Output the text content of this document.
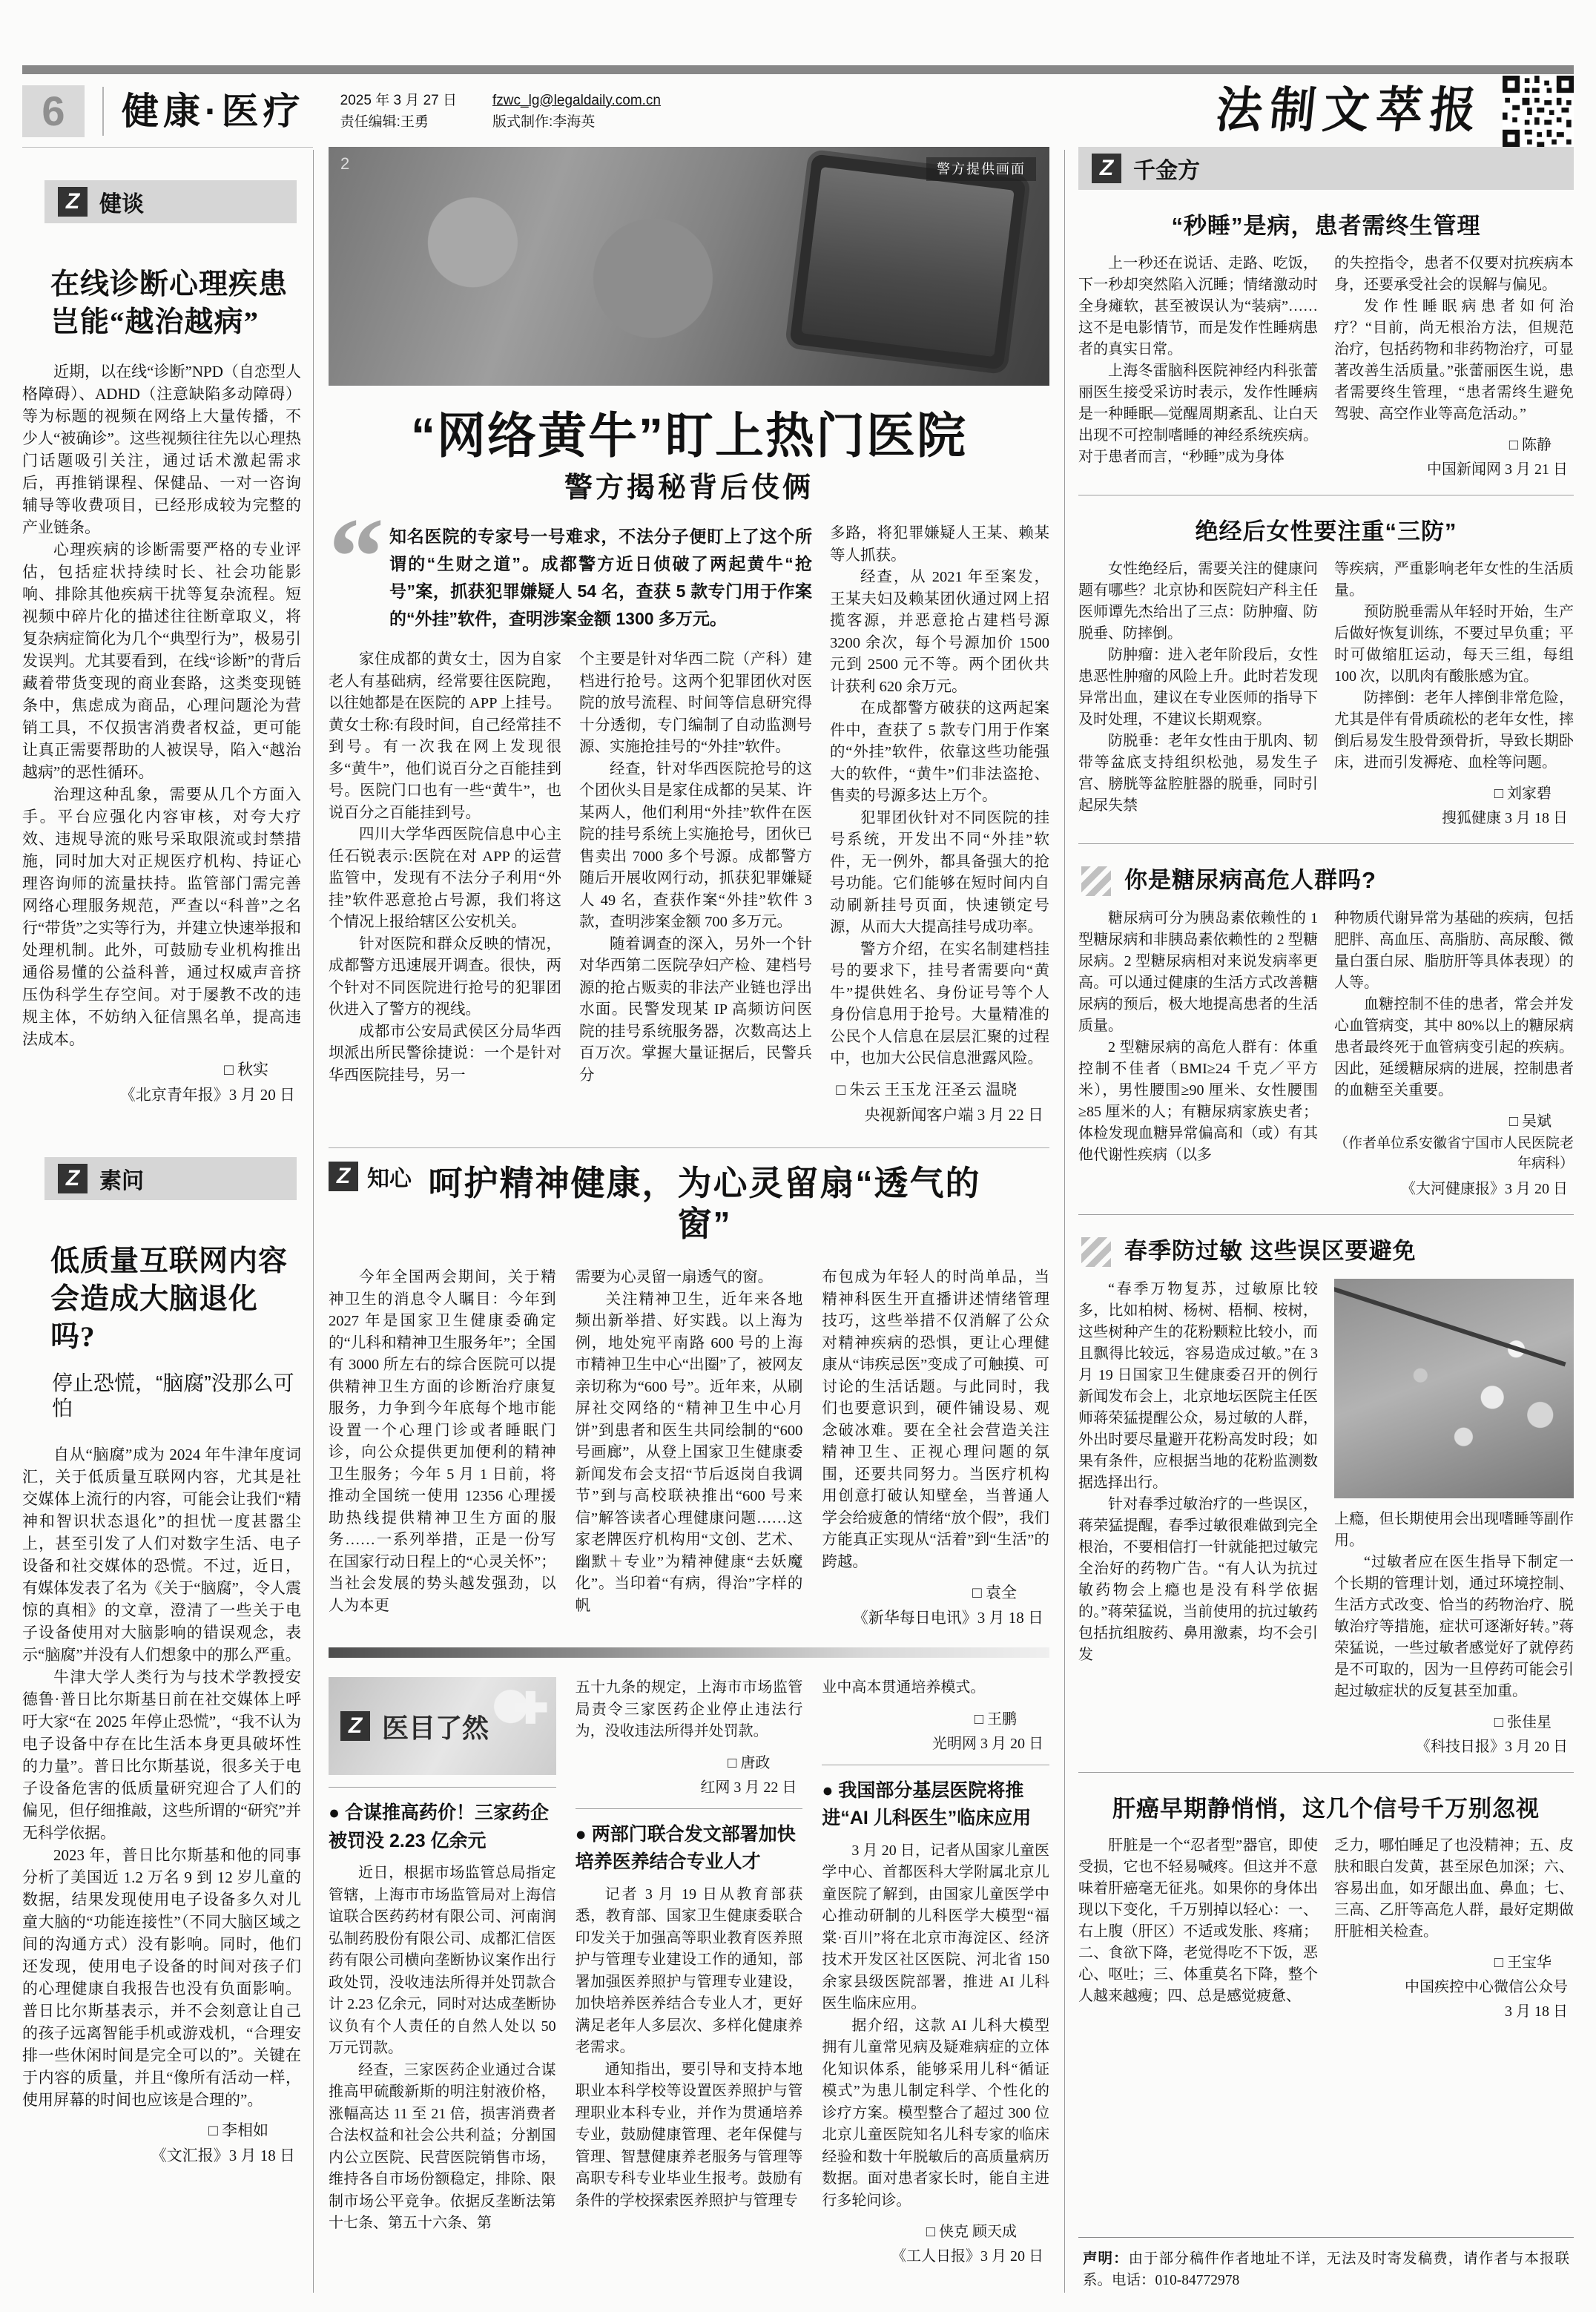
6	健康·医疗	2025 年 3 月 27 日
责任编辑:王勇
fzwc_lg@legaldaily.com.cn
版式制作:李海英	法制文萃报
Z 健谈
在线诊断心理疾患
岂能“越治越病”

近期，以在线“诊断”NPD（自恋型人格障碍）、ADHD（注意缺陷多动障碍）等为标题的视频在网络上大量传播，不少人“被确诊”。这些视频往往先以心理热门话题吸引关注，通过话术激起需求后，再推销课程、保健品、一对一咨询辅导等收费项目，已经形成较为完整的产业链条。

心理疾病的诊断需要严格的专业评估，包括症状持续时长、社会功能影响、排除其他疾病干扰等复杂流程。短视频中碎片化的描述往往断章取义，将复杂病症简化为几个“典型行为”，极易引发误判。尤其要看到，在线“诊断”的背后藏着带货变现的商业套路，这类变现链条中，焦虑成为商品，心理问题沦为营销工具，不仅损害消费者权益，更可能让真正需要帮助的人被误导，陷入“越治越病”的恶性循环。

治理这种乱象，需要从几个方面入手。平台应强化内容审核，对夸大疗效、违规导流的账号采取限流或封禁措施，同时加大对正规医疗机构、持证心理咨询师的流量扶持。监管部门需完善网络心理服务规范，严查以“科普”之名行“带货”之实等行为，并建立快速举报和处理机制。此外，可鼓励专业机构推出通俗易懂的公益科普，通过权威声音挤压伪科学生存空间。对于屡教不改的违规主体，不妨纳入征信黑名单，提高违法成本。

□ 秋实
《北京青年报》3 月 20 日
Z 素问
低质量互联网内容
会造成大脑退化吗?
停止恐慌，“脑腐”没那么可怕

自从“脑腐”成为 2024 年牛津年度词汇，关于低质量互联网内容，尤其是社交媒体上流行的内容，可能会让我们“精神和智识状态退化”的担忧一度甚嚣尘上，甚至引发了人们对数字生活、电子设备和社交媒体的恐慌。不过，近日，有媒体发表了名为《关于“脑腐”，令人震惊的真相》的文章，澄清了一些关于电子设备使用对大脑影响的错误观念，表示“脑腐”并没有人们想象中的那么严重。

牛津大学人类行为与技术学教授安德鲁·普日比尔斯基日前在社交媒体上呼吁大家“在 2025 年停止恐慌”，“我不认为电子设备中存在比生活本身更具破坏性的力量”。普日比尔斯基说，很多关于电子设备危害的低质量研究迎合了人们的偏见，但仔细推敲，这些所谓的“研究”并无科学依据。

2023 年，普日比尔斯基和他的同事分析了美国近 1.2 万名 9 到 12 岁儿童的数据，结果发现使用电子设备多久对儿童大脑的“功能连接性”（不同大脑区域之间的沟通方式）没有影响。同时，他们还发现，使用电子设备的时间对孩子们的心理健康自我报告也没有负面影响。普日比尔斯基表示，并不会刻意让自己的孩子远离智能手机或游戏机，“合理安排一些休闲时间是完全可以的”。关键在于内容的质量，并且“像所有活动一样，使用屏幕的时间也应该是合理的”。

□ 李相如
《文汇报》3 月 18 日
2	警方提供画面
“网络黄牛”盯上热门医院
警方揭秘背后伎俩
“ 知名医院的专家号一号难求，不法分子便盯上了这个所谓的“生财之道”。成都警方近日侦破了两起黄牛“抢号”案，抓获犯罪嫌疑人 54 名，查获 5 款专门用于作案的“外挂”软件，查明涉案金额 1300 多万元。

家住成都的黄女士，因为自家老人有基础病，经常要往医院跑，以往她都是在医院的 APP 上挂号。黄女士称:有段时间，自己经常挂不到号。有一次我在网上发现很多“黄牛”，他们说百分之百能挂到号。医院门口也有一些“黄牛”，也说百分之百能挂到号。

四川大学华西医院信息中心主任石锐表示:医院在对 APP 的运营监管中，发现有不法分子利用“外挂”软件恶意抢占号源，我们将这个情况上报给辖区公安机关。

针对医院和群众反映的情况，成都警方迅速展开调查。很快，两个针对不同医院进行抢号的犯罪团伙进入了警方的视线。

成都市公安局武侯区分局华西坝派出所民警徐捷说：一个是针对华西医院挂号，另一

个主要是针对华西二院（产科）建档进行抢号。这两个犯罪团伙对医院的放号流程、时间等信息研究得十分透彻，专门编制了自动监测号源、实施抢挂号的“外挂”软件。

经查，针对华西医院抢号的这个团伙头目是家住成都的吴某、许某两人，他们利用“外挂”软件在医院的挂号系统上实施抢号，团伙已售卖出 7000 多个号源。成都警方随后开展收网行动，抓获犯罪嫌疑人 49 名，查获作案“外挂”软件 3 款，查明涉案金额 700 多万元。

随着调查的深入，另外一个针对华西第二医院孕妇产检、建档号源的抢占贩卖的非法产业链也浮出水面。民警发现某 IP 高频访问医院的挂号系统服务器，次数高达上百万次。掌握大量证据后，民警兵分

多路，将犯罪嫌疑人王某、赖某等人抓获。

经查，从 2021 年至案发，王某夫妇及赖某团伙通过网上招揽客源，并恶意抢占建档号源 3200 余次，每个号源加价 1500 元到 2500 元不等。两个团伙共计获利 620 余万元。

在成都警方破获的这两起案件中，查获了 5 款专门用于作案的“外挂”软件，依靠这些功能强大的软件，“黄牛”们非法盗抢、售卖的号源多达上万个。

犯罪团伙针对不同医院的挂号系统，开发出不同“外挂”软件，无一例外，都具备强大的抢号功能。它们能够在短时间内自动刷新挂号页面，快速锁定号源，从而大大提高挂号成功率。

警方介绍，在实名制建档挂号的要求下，挂号者需要向“黄牛”提供姓名、身份证号等个人身份信息用于抢号。大量精准的公民个人信息在层层汇聚的过程中，也加大公民信息泄露风险。

□ 朱云 王玉龙 汪圣云 温晓
央视新闻客户端 3 月 22 日
Z 知心 呵护精神健康，为心灵留扇“透气的窗”

今年全国两会期间，关于精神卫生的消息令人瞩目：今年到 2027 年是国家卫生健康委确定的“儿科和精神卫生服务年”；全国有 3000 所左右的综合医院可以提供精神卫生方面的诊断治疗康复服务，力争到今年底每个地市能设置一个心理门诊或者睡眠门诊，向公众提供更加便利的精神卫生服务；今年 5 月 1 日前，将推动全国统一使用 12356 心理援助热线提供精神卫生方面的服务……一系列举措，正是一份写在国家行动日程上的“心灵关怀”；当社会发展的势头越发强劲，以人为本更

需要为心灵留一扇透气的窗。

关注精神卫生，近年来各地频出新举措、好实践。以上海为例，地处宛平南路 600 号的上海市精神卫生中心“出圈”了，被网友亲切称为“600 号”。近年来，从刷屏社交网络的“精神卫生中心月饼”到患者和医生共同绘制的“600 号画廊”，从登上国家卫生健康委新闻发布会支招“节后返岗自我调节”到与高校联袂推出“600 号来信”解答读者心理健康问题……这家老牌医疗机构用“文创、艺术、幽默＋专业”为精神健康“去妖魔化”。当印着“有病，得治”字样的帆

布包成为年轻人的时尚单品，当精神科医生开直播讲述情绪管理技巧，这些举措不仅消解了公众对精神疾病的恐惧，更让心理健康从“讳疾忌医”变成了可触摸、可讨论的生活话题。与此同时，我们也要意识到，硬件铺设易、观念破冰难。要在全社会营造关注精神卫生、正视心理问题的氛围，还要共同努力。当医疗机构用创意打破认知壁垒，当普通人学会给疲惫的情绪“放个假”，我们方能真正实现从“活着”到“生活”的跨越。

□ 袁全
《新华每日电讯》3 月 18 日
Z 医目了然 ✚
● 合谋推高药价！三家药企被罚没 2.23 亿余元

近日，根据市场监管总局指定管辖，上海市市场监管局对上海信谊联合医药药材有限公司、河南润弘制药股份有限公司、成都汇信医药有限公司横向垄断协议案作出行政处罚，没收违法所得并处罚款合计 2.23 亿余元，同时对达成垄断协议负有个人责任的自然人处以 50 万元罚款。

经查，三家医药企业通过合谋推高甲硫酸新斯的明注射液价格，涨幅高达 11 至 21 倍，损害消费者合法权益和社会公共利益；分割国内公立医院、民营医院销售市场，维持各自市场份额稳定，排除、限制市场公平竞争。依据反垄断法第十七条、第五十六条、第

五十九条的规定，上海市市场监管局责令三家医药企业停止违法行为，没收违法所得并处罚款。

□ 唐政
红网 3 月 22 日
● 两部门联合发文部署加快培养医养结合专业人才

记者 3 月 19 日从教育部获悉，教育部、国家卫生健康委联合印发关于加强高等职业教育医养照护与管理专业建设工作的通知，部署加强医养照护与管理专业建设，加快培养医养结合专业人才，更好满足老年人多层次、多样化健康养老需求。

通知指出，要引导和支持本地职业本科学校等设置医养照护与管理职业本科专业，并作为贯通培养专业，鼓励健康管理、老年保健与管理、智慧健康养老服务与管理等高职专科专业毕业生报考。鼓励有条件的学校探索医养照护与管理专

业中高本贯通培养模式。

□ 王鹏
光明网 3 月 20 日
● 我国部分基层医院将推进“AI 儿科医生”临床应用

3 月 20 日，记者从国家儿童医学中心、首都医科大学附属北京儿童医院了解到，由国家儿童医学中心推动研制的儿科医学大模型“福棠·百川”将在北京市海淀区、经济技术开发区社区医院、河北省 150 余家县级医院部署，推进 AI 儿科医生临床应用。

据介绍，这款 AI 儿科大模型拥有儿童常见病及疑难病症的立体化知识体系，能够采用儿科“循证模式”为患儿制定科学、个性化的诊疗方案。模型整合了超过 300 位北京儿童医院知名儿科专家的临床经验和数十年脱敏后的高质量病历数据。面对患者家长时，能自主进行多轮问诊。

□ 侠克 顾天成
《工人日报》3 月 20 日
Z 千金方
“秒睡”是病，患者需终生管理

上一秒还在说话、走路、吃饭，下一秒却突然陷入沉睡；情绪激动时全身瘫软，甚至被误认为“装病”……这不是电影情节，而是发作性睡病患者的真实日常。

上海冬雷脑科医院神经内科张蕾丽医生接受采访时表示，发作性睡病是一种睡眠—觉醒周期紊乱、让白天出现不可控制嗜睡的神经系统疾病。对于患者而言，“秒睡”成为身体

的失控指令，患者不仅要对抗疾病本身，还要承受社会的误解与偏见。

发作性睡眠病患者如何治疗？“目前，尚无根治方法，但规范治疗，包括药物和非药物治疗，可显著改善生活质量。”张蕾丽医生说，患者需要终生管理，“患者需终生避免驾驶、高空作业等高危活动。”

□ 陈静
中国新闻网 3 月 21 日
绝经后女性要注重“三防”

女性绝经后，需要关注的健康问题有哪些？北京协和医院妇产科主任医师谭先杰给出了三点：防肿瘤、防脱垂、防摔倒。

防肿瘤：进入老年阶段后，女性患恶性肿瘤的风险上升。此时若发现异常出血，建议在专业医师的指导下及时处理，不建议长期观察。

防脱垂：老年女性由于肌肉、韧带等盆底支持组织松弛，易发生子宫、膀胱等盆腔脏器的脱垂，同时引起尿失禁

等疾病，严重影响老年女性的生活质量。

预防脱垂需从年轻时开始，生产后做好恢复训练，不要过早负重；平时可做缩肛运动，每天三组，每组 100 次，以肌肉有酸胀感为宜。

防摔倒：老年人摔倒非常危险，尤其是伴有骨质疏松的老年女性，摔倒后易发生股骨颈骨折，导致长期卧床，进而引发褥疮、血栓等问题。

□ 刘家碧
搜狐健康 3 月 18 日
你是糖尿病高危人群吗?

糖尿病可分为胰岛素依赖性的 1 型糖尿病和非胰岛素依赖性的 2 型糖尿病。2 型糖尿病相对来说发病率更高。可以通过健康的生活方式改善糖尿病的预后，极大地提高患者的生活质量。

2 型糖尿病的高危人群有：体重控制不佳者（BMI≥24 千克／平方米），男性腰围≥90 厘米、女性腰围≥85 厘米的人；有糖尿病家族史者；体检发现血糖异常偏高和（或）有其他代谢性疾病（以多

种物质代谢异常为基础的疾病，包括肥胖、高血压、高脂肪、高尿酸、微量白蛋白尿、脂肪肝等具体表现）的人等。

血糖控制不佳的患者，常会并发心血管病变，其中 80%以上的糖尿病患者最终死于血管病变引起的疾病。因此，延缓糖尿病的进展，控制患者的血糖至关重要。

□ 吴斌
（作者单位系安徽省宁国市人民医院老年病科）
《大河健康报》3 月 20 日
春季防过敏 这些误区要避免

“春季万物复苏，过敏原比较多，比如柏树、杨树、梧桐、桉树，这些树种产生的花粉颗粒比较小，而且飘得比较远，容易造成过敏。”在 3 月 19 日国家卫生健康委召开的例行新闻发布会上，北京地坛医院主任医师蒋荣猛提醒公众，易过敏的人群，外出时要尽量避开花粉高发时段；如果有条件，应根据当地的花粉监测数据选择出行。

针对春季过敏治疗的一些误区，蒋荣猛提醒，春季过敏很难做到完全根治，不要相信打一针就能把过敏完全治好的药物广告。“有人认为抗过敏药物会上瘾也是没有科学依据的。”蒋荣猛说，当前使用的抗过敏药包括抗组胺药、鼻用激素，均不会引发

上瘾，但长期使用会出现嗜睡等副作用。

“过敏者应在医生指导下制定一个长期的管理计划，通过环境控制、生活方式改变、恰当的药物治疗、脱敏治疗等措施，症状可逐渐好转。”蒋荣猛说，一些过敏者感觉好了就停药是不可取的，因为一旦停药可能会引起过敏症状的反复甚至加重。

□ 张佳星
《科技日报》3 月 20 日
肝癌早期静悄悄，这几个信号千万别忽视

肝脏是一个“忍者型”器官，即使受损，它也不轻易喊疼。但这并不意味着肝癌毫无征兆。如果你的身体出现以下变化，千万别掉以轻心：一、右上腹（肝区）不适或发胀、疼痛；二、食欲下降，老觉得吃不下饭，恶心、呕吐；三、体重莫名下降，整个人越来越瘦；四、总是感觉疲惫、

乏力，哪怕睡足了也没精神；五、皮肤和眼白发黄，甚至尿色加深；六、容易出血，如牙龈出血、鼻血；七、三高、乙肝等高危人群，最好定期做肝脏相关检查。

□ 王宝华
中国疾控中心微信公众号
3 月 18 日
声明：由于部分稿件作者地址不详，无法及时寄发稿费，请作者与本报联系。电话：010-84772978
